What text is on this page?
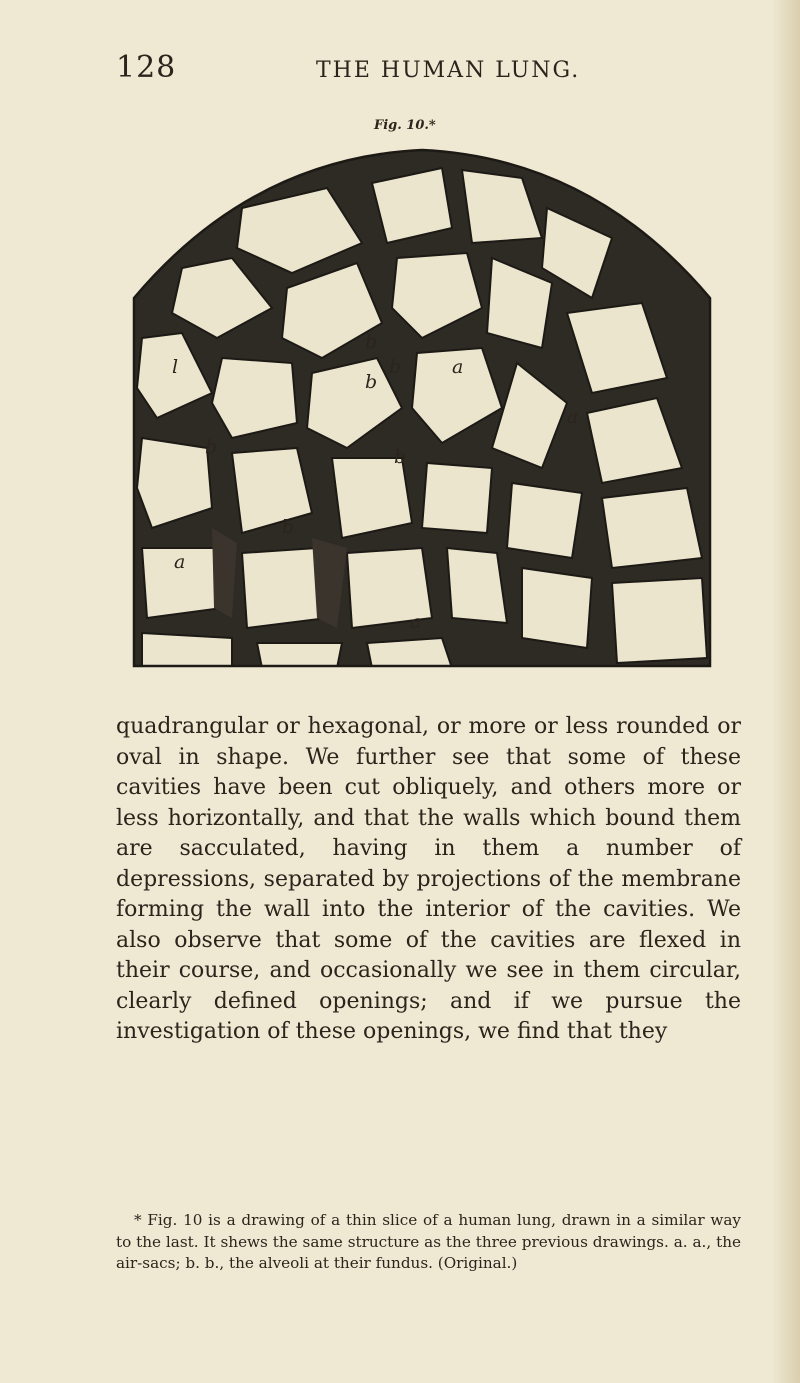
128	THE HUMAN LUNG.
Fig. 10.*
b
b
b	a
a
l
b	b
a
b
a

quadrangular or hexagonal, or more or less rounded or oval in shape. We further see that some of these cavities have been cut obliquely, and others more or less horizontally, and that the walls which bound them are sacculated, having in them a number of depressions, separated by projections of the membrane forming the wall into the interior of the cavities. We also observe that some of the cavities are flexed in their course, and occasionally we see in them circular, clearly defined openings; and if we pursue the investigation of these openings, we find that they

* Fig. 10 is a drawing of a thin slice of a human lung, drawn in a similar way to the last. It shews the same structure as the three previous drawings. a. a., the air-sacs; b. b., the alveoli at their fundus. (Original.)
